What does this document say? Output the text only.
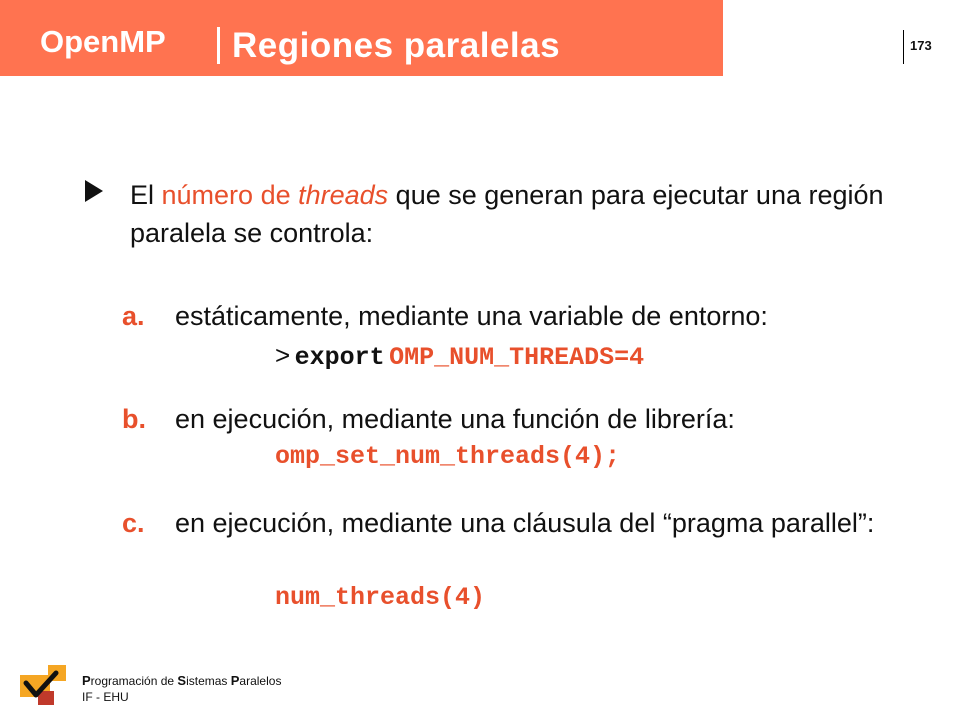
OpenMP Regiones paralelas	173
El número de threads que se generan para ejecutar una región paralela se controla:
a. estáticamente, mediante una variable de entorno:
> export OMP_NUM_THREADS=4
b. en ejecución, mediante una función de librería:
omp_set_num_threads(4);
c. en ejecución, mediante una cláusula del “pragma parallel”:
num_threads(4)
Programación de Sistemas Paralelos
IF - EHU
